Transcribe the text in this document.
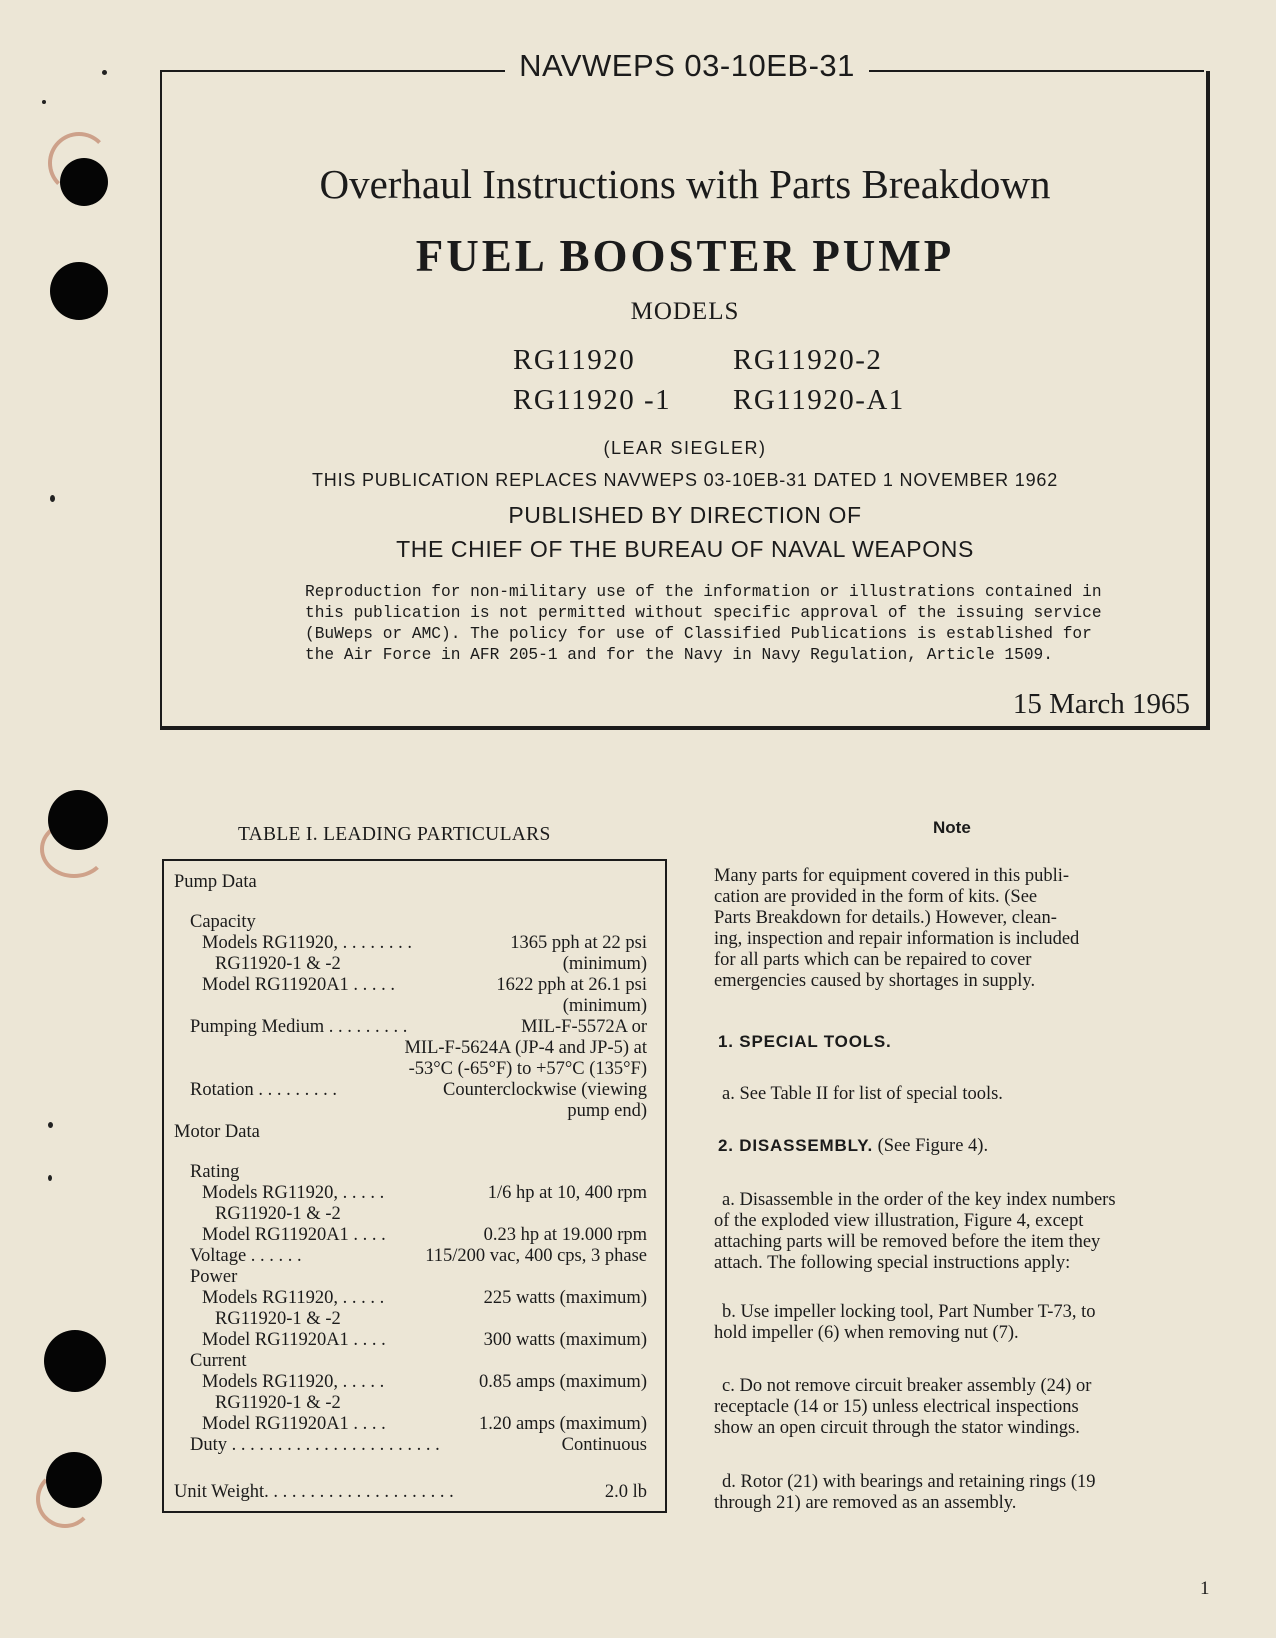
NAVWEPS 03-10EB-31
Overhaul Instructions with Parts Breakdown
FUEL BOOSTER PUMP
MODELS
RG11920	RG11920-2
RG11920 -1 RG11920-A1
(LEAR SIEGLER)
THIS PUBLICATION REPLACES NAVWEPS 03-10EB-31 DATED 1 NOVEMBER 1962
PUBLISHED BY DIRECTION OF
THE CHIEF OF THE BUREAU OF NAVAL WEAPONS
Reproduction for non-military use of the information or illustrations contained in
this publication is not permitted without specific approval of the issuing service
(BuWeps or AMC). The policy for use of Classified Publications is established for
the Air Force in AFR 205-1 and for the Navy in Navy Regulation, Article 1509.
15 March 1965
TABLE I. LEADING PARTICULARS
Pump Data
Capacity
Models RG11920, . . . . . . . .	1365 pph at 22 psi
RG11920-1 & -2	(minimum)
Model RG11920A1 . . . . .	1622 pph at 26.1 psi
(minimum)
Pumping Medium . . . . . . . . .	MIL-F-5572A or
MIL-F-5624A (JP-4 and JP-5) at
-53°C (-65°F) to +57°C (135°F)
Rotation . . . . . . . . .	Counterclockwise (viewing
pump end)
Motor Data
Rating
Models RG11920, . . . . .	1/6 hp at 10, 400 rpm
RG11920-1 & -2
Model RG11920A1 . . . .	0.23 hp at 19.000 rpm
Voltage . . . . . .	115/200 vac, 400 cps, 3 phase
Power
Models RG11920, . . . . .	225 watts (maximum)
RG11920-1 & -2
Model RG11920A1 . . . .	300 watts (maximum)
Current
Models RG11920, . . . . .	0.85 amps (maximum)
RG11920-1 & -2
Model RG11920A1 . . . .	1.20 amps (maximum)
Duty . . . . . . . . . . . . . . . . . . . . . . .	Continuous
Unit Weight. . . . . . . . . . . . . . . . . . . . .	2.0 lb
Note
Many parts for equipment covered in this publi-
cation are provided in the form of kits. (See
Parts Breakdown for details.) However, clean-
ing, inspection and repair information is included
for all parts which can be repaired to cover
emergencies caused by shortages in supply.
1. SPECIAL TOOLS.
a. See Table II for list of special tools.
2. DISASSEMBLY. (See Figure 4).
a. Disassemble in the order of the key index numbers
of the exploded view illustration, Figure 4, except
attaching parts will be removed before the item they
attach. The following special instructions apply:
b. Use impeller locking tool, Part Number T-73, to
hold impeller (6) when removing nut (7).
c. Do not remove circuit breaker assembly (24) or
receptacle (14 or 15) unless electrical inspections
show an open circuit through the stator windings.
d. Rotor (21) with bearings and retaining rings (19
through 21) are removed as an assembly.
1
